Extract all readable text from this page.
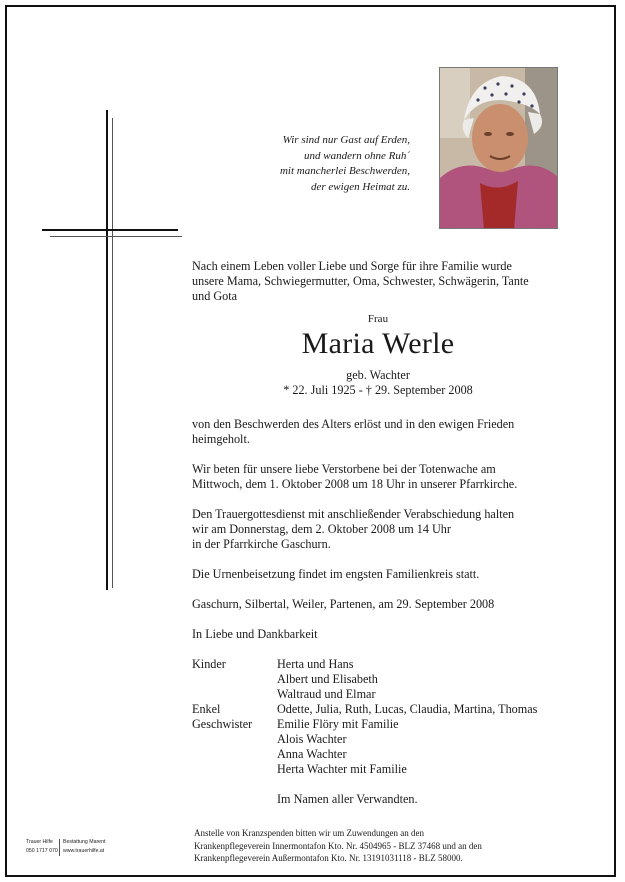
Wir sind nur Gast auf Erden,
und wandern ohne Ruh´
mit mancherlei Beschwerden,
der ewigen Heimat zu.
Nach einem Leben voller Liebe und Sorge für ihre Familie wurde
unsere Mama, Schwiegermutter, Oma, Schwester, Schwägerin, Tante
und Gota
Frau
Maria Werle
geb. Wachter
* 22. Juli 1925 - † 29. September 2008
von den Beschwerden des Alters erlöst und in den ewigen Frieden
heimgeholt.
Wir beten für unsere liebe Verstorbene bei der Totenwache am
Mittwoch, dem 1. Oktober 2008 um 18 Uhr in unserer Pfarrkirche.
Den Trauergottesdienst mit anschließender Verabschiedung halten
wir am Donnerstag, dem 2. Oktober 2008 um 14 Uhr
in der Pfarrkirche Gaschurn.
Die Urnenbeisetzung findet im engsten Familienkreis statt.
Gaschurn, Silbertal, Weiler, Partenen, am 29. September 2008
In Liebe und Dankbarkeit
Kinder	Herta und Hans
Albert und Elisabeth
Waltraud und Elmar
Enkel	Odette, Julia, Ruth, Lucas, Claudia, Martina, Thomas
Geschwister Emilie Flöry mit Familie
Alois Wachter
Anna Wachter
Herta Wachter mit Familie
Im Namen aller Verwandten.
Anstelle von Kranzspenden bitten wir um Zuwendungen an den
Krankenpflegeverein Innermontafon Kto. Nr. 4504965 - BLZ 37468 und an den
Krankenpflegeverein Außermontafon Kto. Nr. 13191031118 - BLZ 58000.
Trauer Hilfe
050 1717 070
Bestattung Marent
www.trauerhilfe.at
